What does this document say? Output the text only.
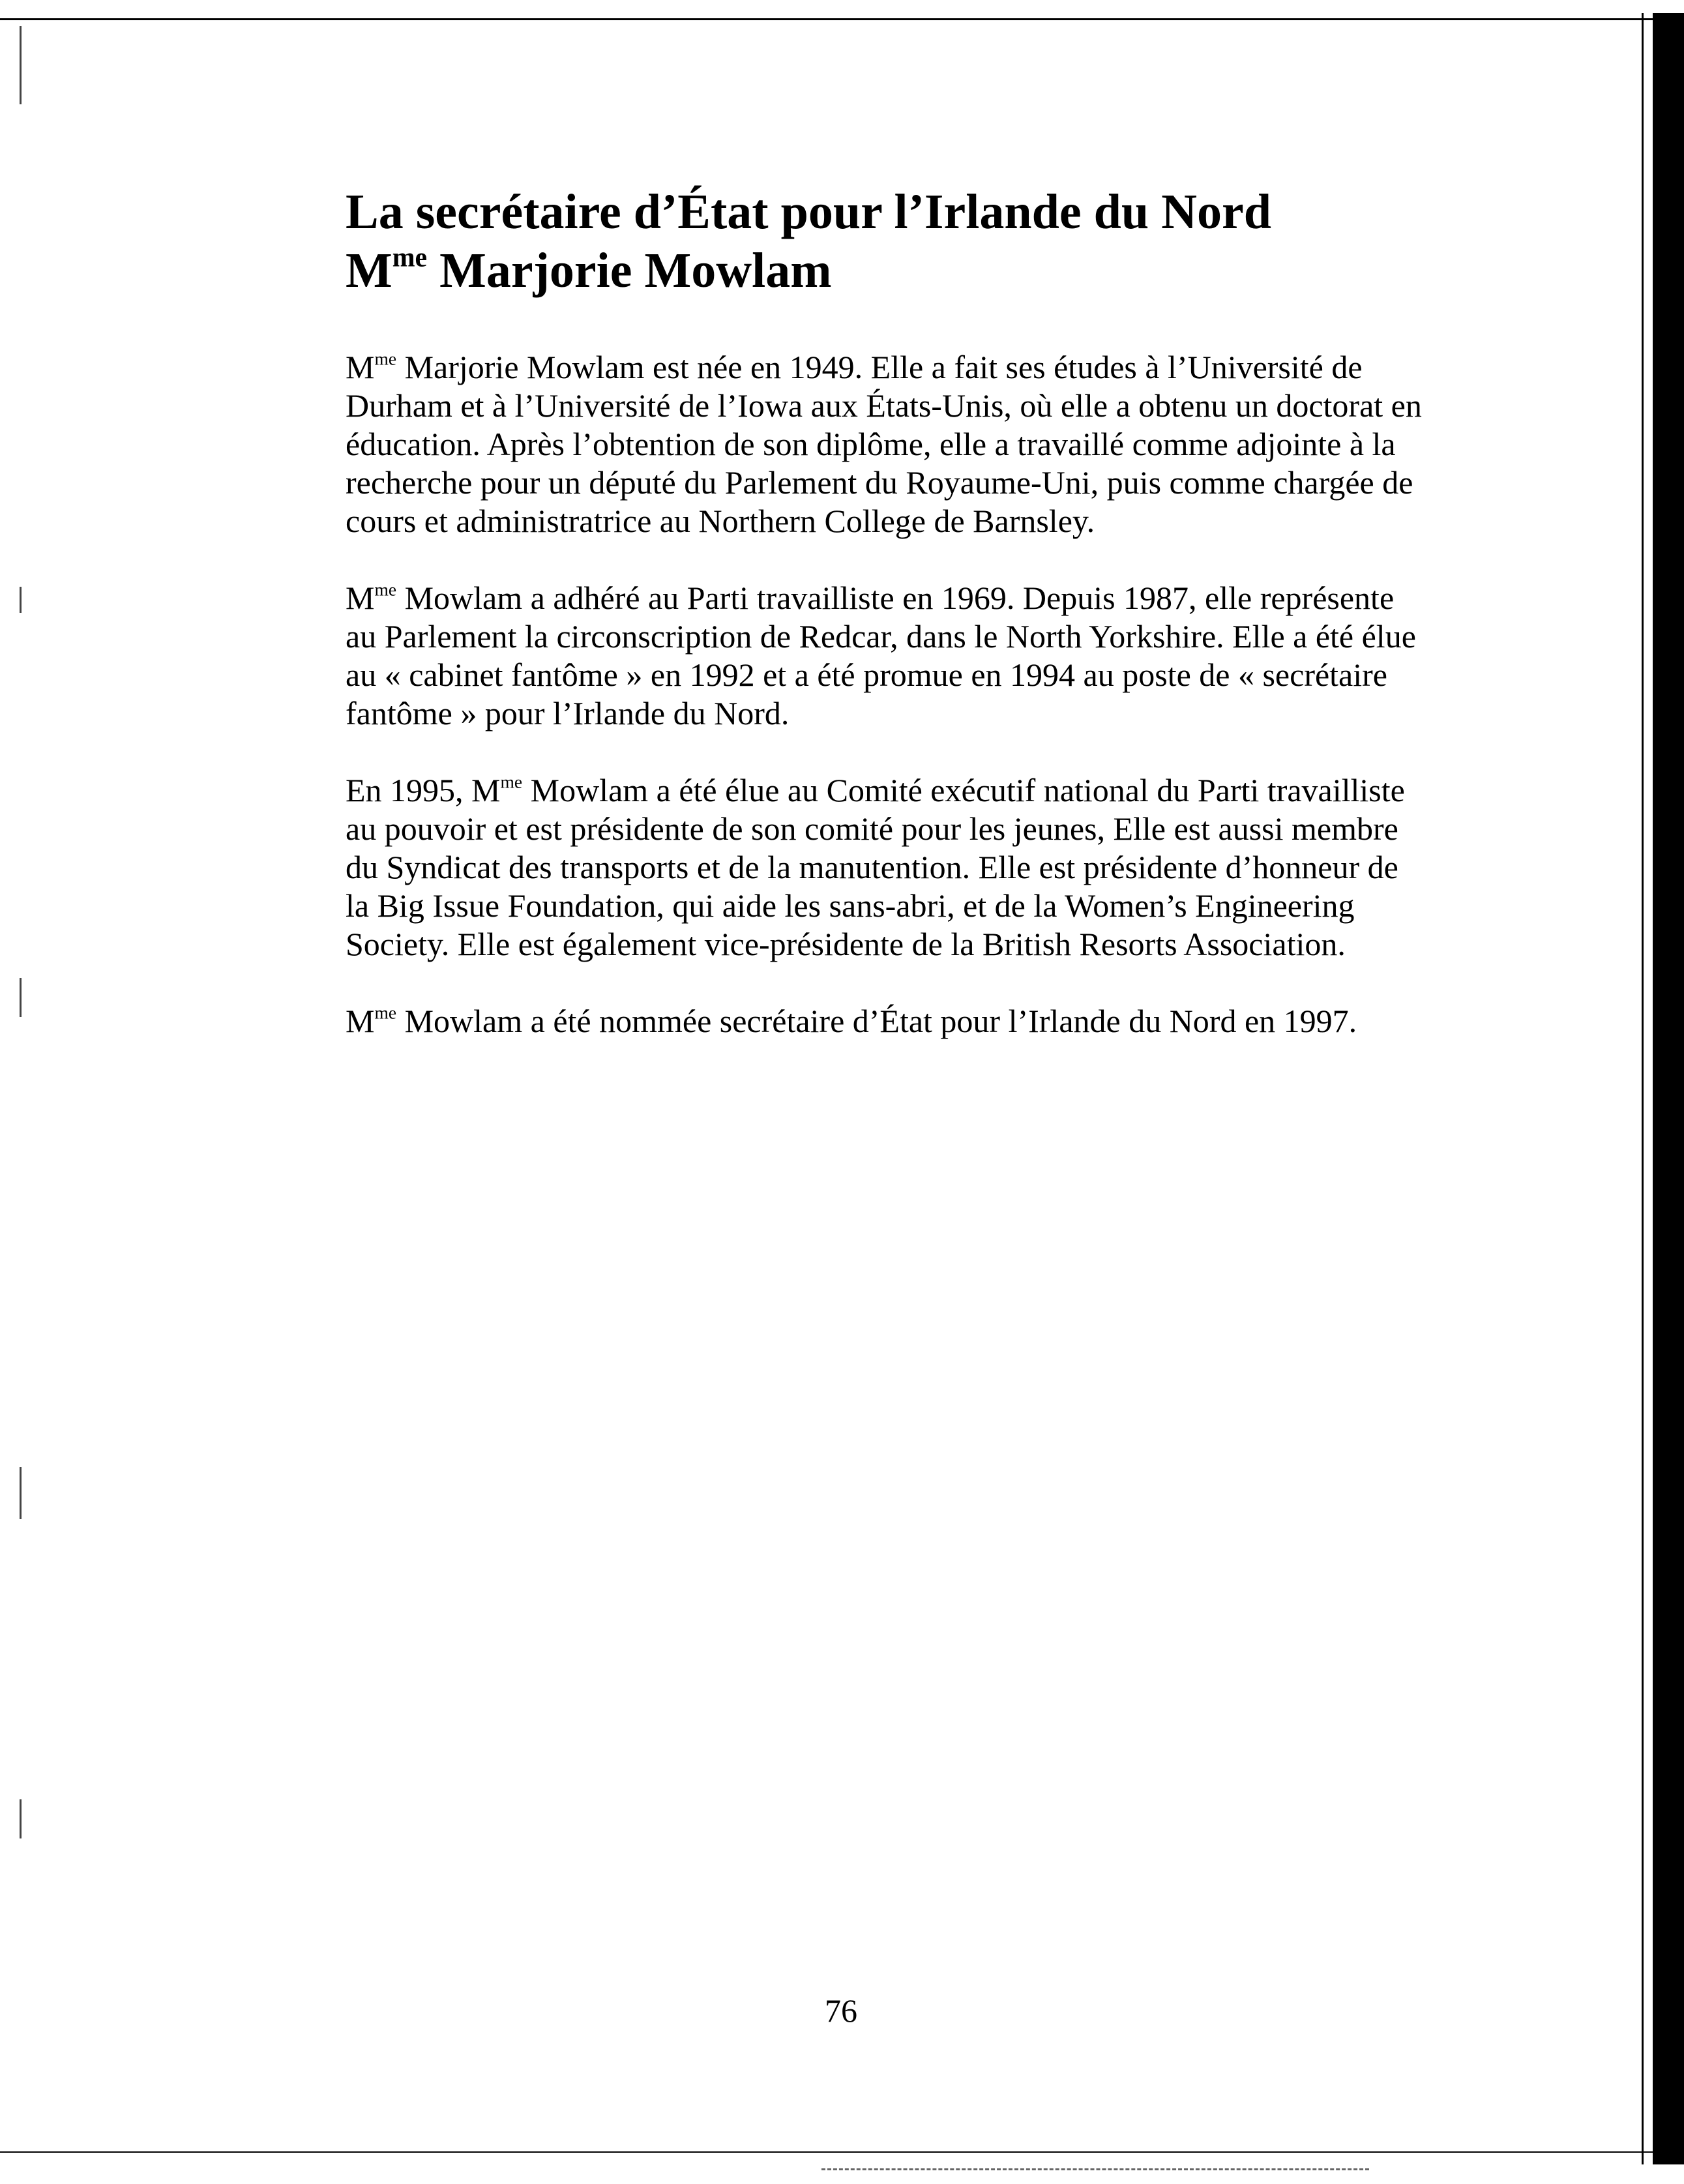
La secrétaire d’État pour l’Irlande du Nord
$M^{me}$ Marjorie Mowlam

$M^{me}$ Marjorie Mowlam est née en 1949. Elle a fait ses études à l’Université de
Durham et à l’Université de l’Iowa aux États-Unis, où elle a obtenu un doctorat en
éducation. Après l’obtention de son diplôme, elle a travaillé comme adjointe à la
recherche pour un député du Parlement du Royaume-Uni, puis comme chargée de
cours et administratrice au Northern College de Barnsley.

$M^{me}$ Mowlam a adhéré au Parti travailliste en 1969. Depuis 1987, elle représente
au Parlement la circonscription de Redcar, dans le North Yorkshire. Elle a été élue
au « cabinet fantôme » en 1992 et a été promue en 1994 au poste de « secrétaire
fantôme » pour l’Irlande du Nord.

En 1995, $M^{me}$ Mowlam a été élue au Comité exécutif national du Parti travailliste
au pouvoir et est présidente de son comité pour les jeunes, Elle est aussi membre
du Syndicat des transports et de la manutention. Elle est présidente d’honneur de
la Big Issue Foundation, qui aide les sans-abri, et de la Women’s Engineering
Society. Elle est également vice-présidente de la British Resorts Association.

$M^{me}$ Mowlam a été nommée secrétaire d’État pour l’Irlande du Nord en 1997.

76
